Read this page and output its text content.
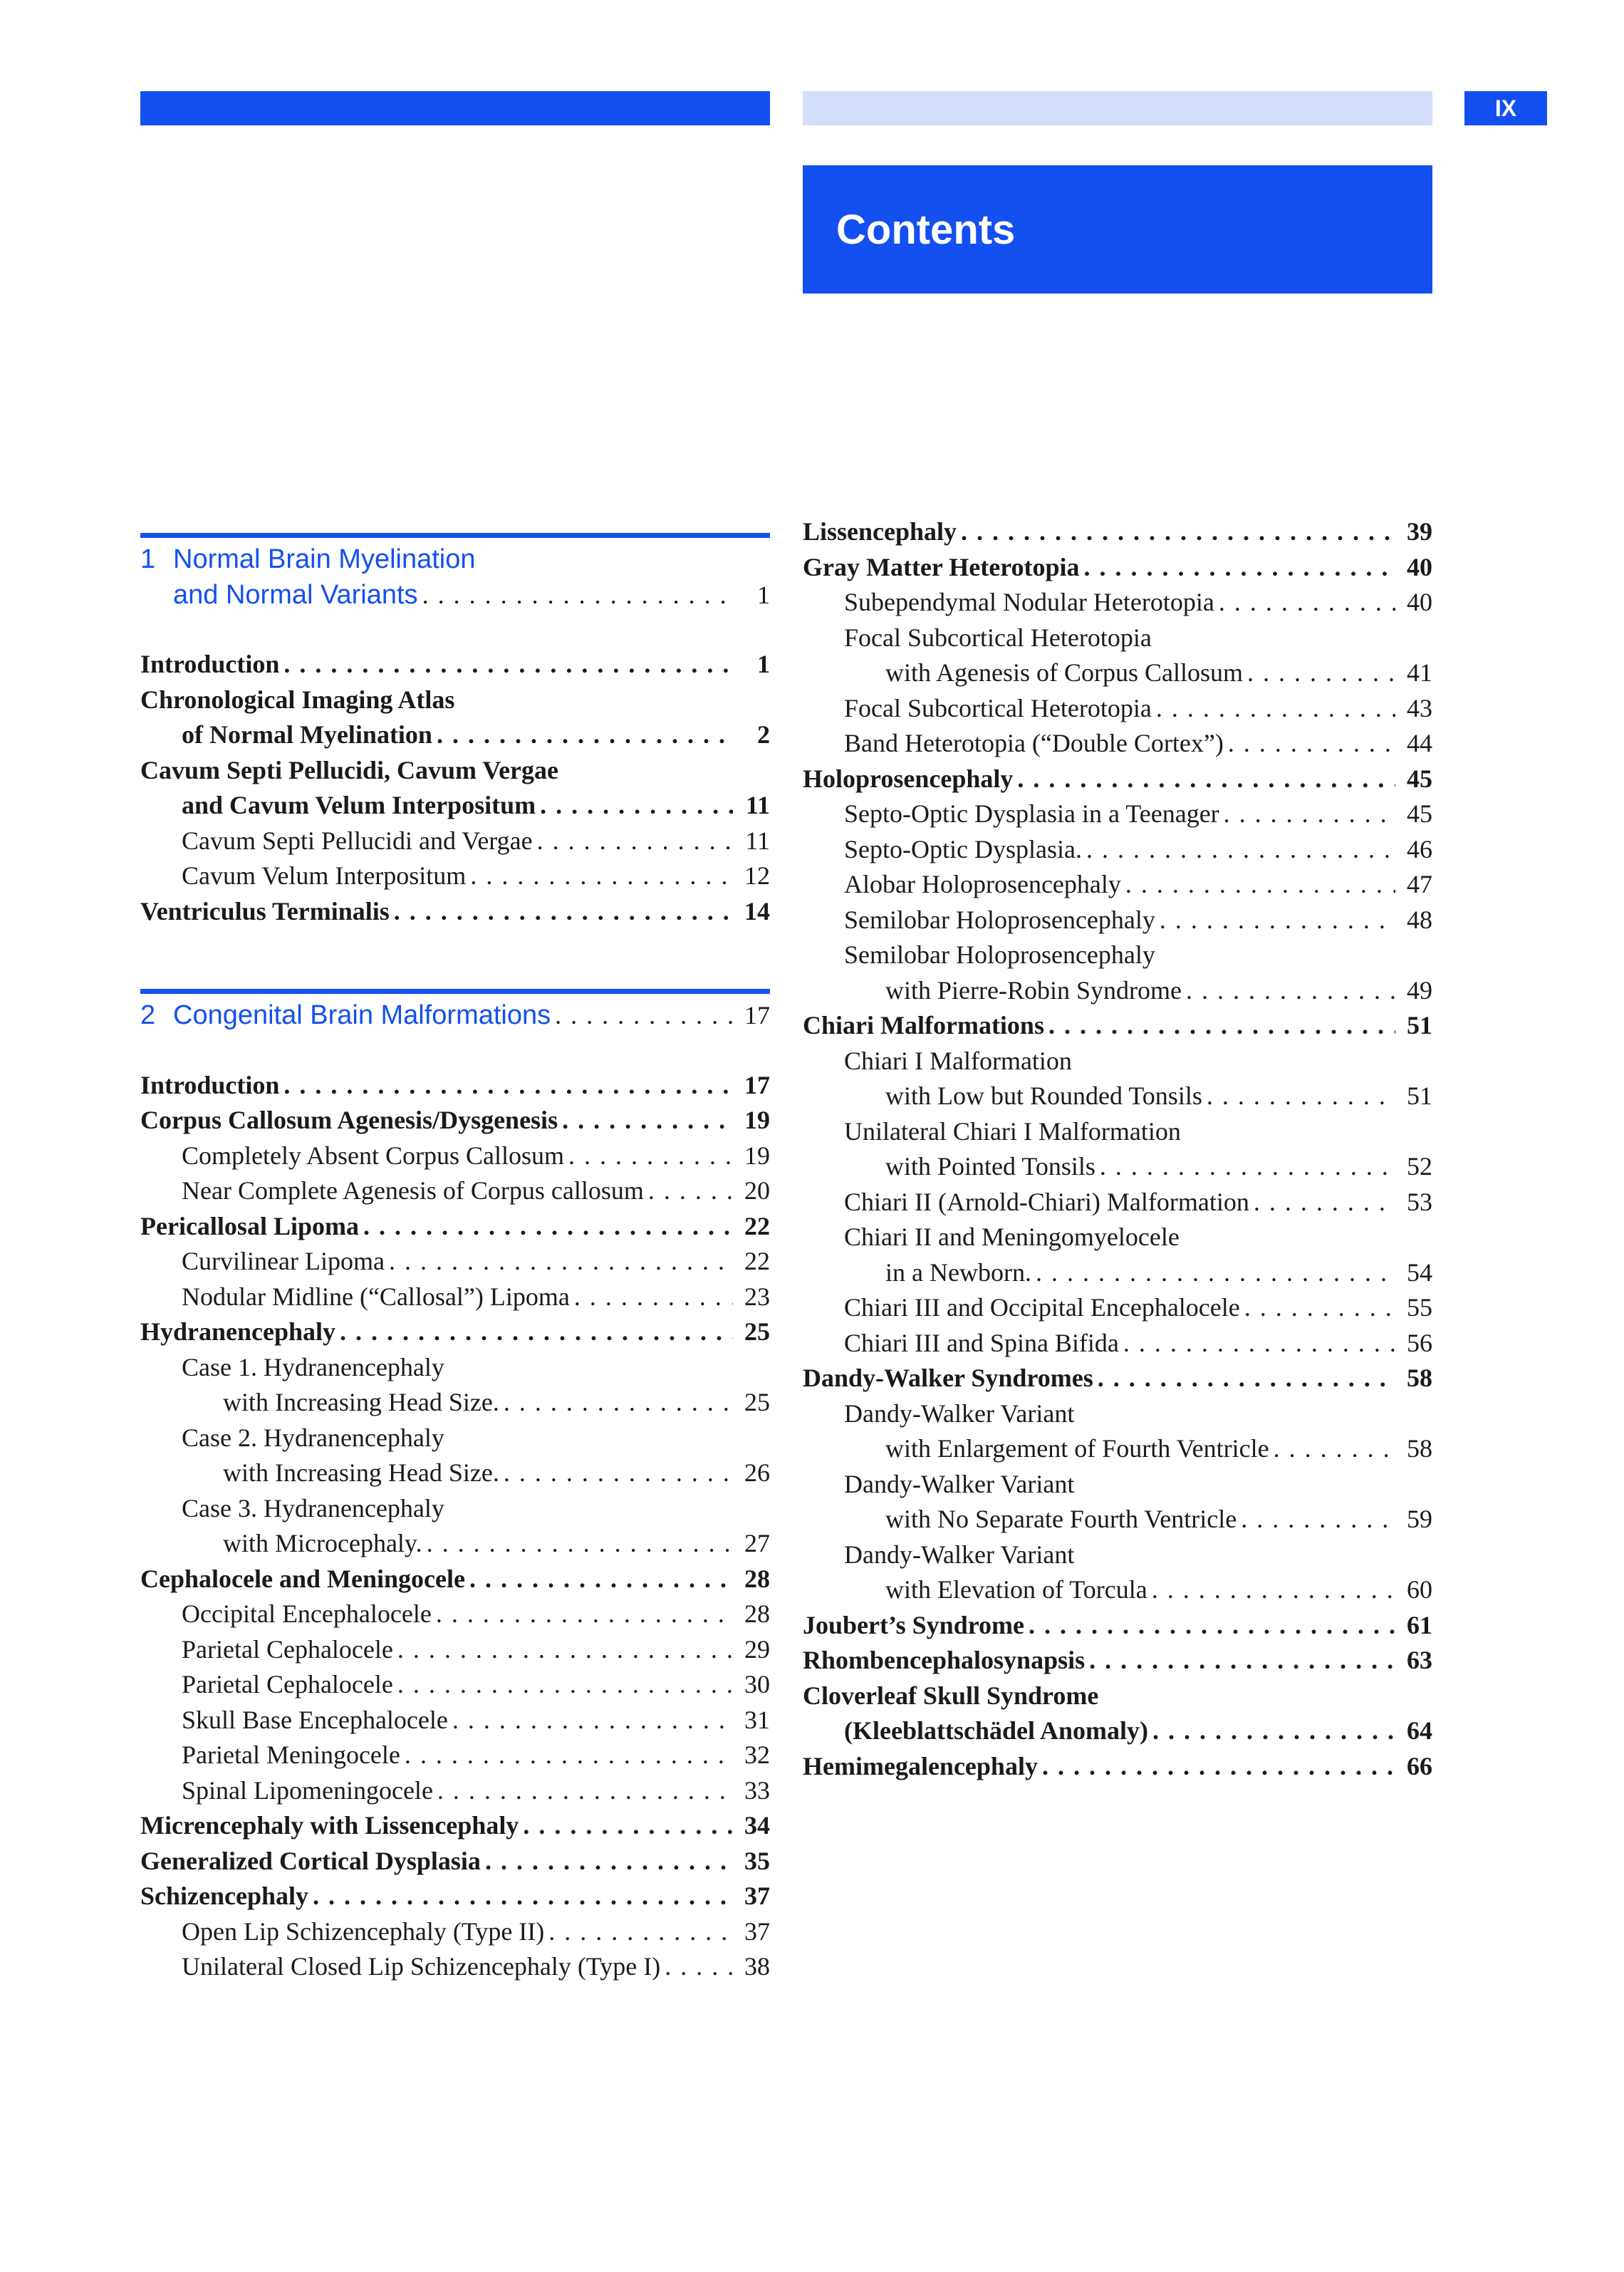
IX
Contents
1 Normal Brain Myelination
and Normal Variants . . .	1
Introduction . . .	1
Chronological Imaging Atlas
of Normal Myelination . . .	2
Cavum Septi Pellucidi, Cavum Vergae
and Cavum Velum Interpositum . . .	11
Cavum Septi Pellucidi and Vergae . . .	11
Cavum Velum Interpositum . . .	12
Ventriculus Terminalis . . .	14
2 Congenital Brain Malformations . . .	17
Introduction . . .	17
Corpus Callosum Agenesis/Dysgenesis . . .	19
Completely Absent Corpus Callosum . . .	19
Near Complete Agenesis of Corpus callosum . . .	20
Pericallosal Lipoma . . .	22
Curvilinear Lipoma . . .	22
Nodular Midline (“Callosal”) Lipoma . . .	23
Hydranencephaly . . .	25
Case 1. Hydranencephaly
with Increasing Head Size. . . .	25
Case 2. Hydranencephaly
with Increasing Head Size. . . .	26
Case 3. Hydranencephaly
with Microcephaly. . . .	27
Cephalocele and Meningocele . . .	28
Occipital Encephalocele . . .	28
Parietal Cephalocele . . .	29
Parietal Cephalocele . . .	30
Skull Base Encephalocele . . .	31
Parietal Meningocele . . .	32
Spinal Lipomeningocele . . .	33
Micrencephaly with Lissencephaly . . .	34
Generalized Cortical Dysplasia . . .	35
Schizencephaly . . .	37
Open Lip Schizencephaly (Type II) . . .	37
Unilateral Closed Lip Schizencephaly (Type I) . . .	38
Lissencephaly . . .	39
Gray Matter Heterotopia . . .	40
Subependymal Nodular Heterotopia . . .	40
Focal Subcortical Heterotopia
with Agenesis of Corpus Callosum . . .	41
Focal Subcortical Heterotopia . . .	43
Band Heterotopia (“Double Cortex”) . . .	44
Holoprosencephaly . . .	45
Septo-Optic Dysplasia in a Teenager . . .	45
Septo-Optic Dysplasia. . . .	46
Alobar Holoprosencephaly . . .	47
Semilobar Holoprosencephaly . . .	48
Semilobar Holoprosencephaly
with Pierre-Robin Syndrome . . .	49
Chiari Malformations . . .	51
Chiari I Malformation
with Low but Rounded Tonsils . . .	51
Unilateral Chiari I Malformation
with Pointed Tonsils . . .	52
Chiari II (Arnold-Chiari) Malformation . . .	53
Chiari II and Meningomyelocele
in a Newborn. . . .	54
Chiari III and Occipital Encephalocele . . .	55
Chiari III and Spina Bifida . . .	56
Dandy-Walker Syndromes . . .	58
Dandy-Walker Variant
with Enlargement of Fourth Ventricle . . .	58
Dandy-Walker Variant
with No Separate Fourth Ventricle . . .	59
Dandy-Walker Variant
with Elevation of Torcula . . .	60
Joubert’s Syndrome . . .	61
Rhombencephalosynapsis . . .	63
Cloverleaf Skull Syndrome
(Kleeblattschädel Anomaly) . . .	64
Hemimegalencephaly . . .	66
